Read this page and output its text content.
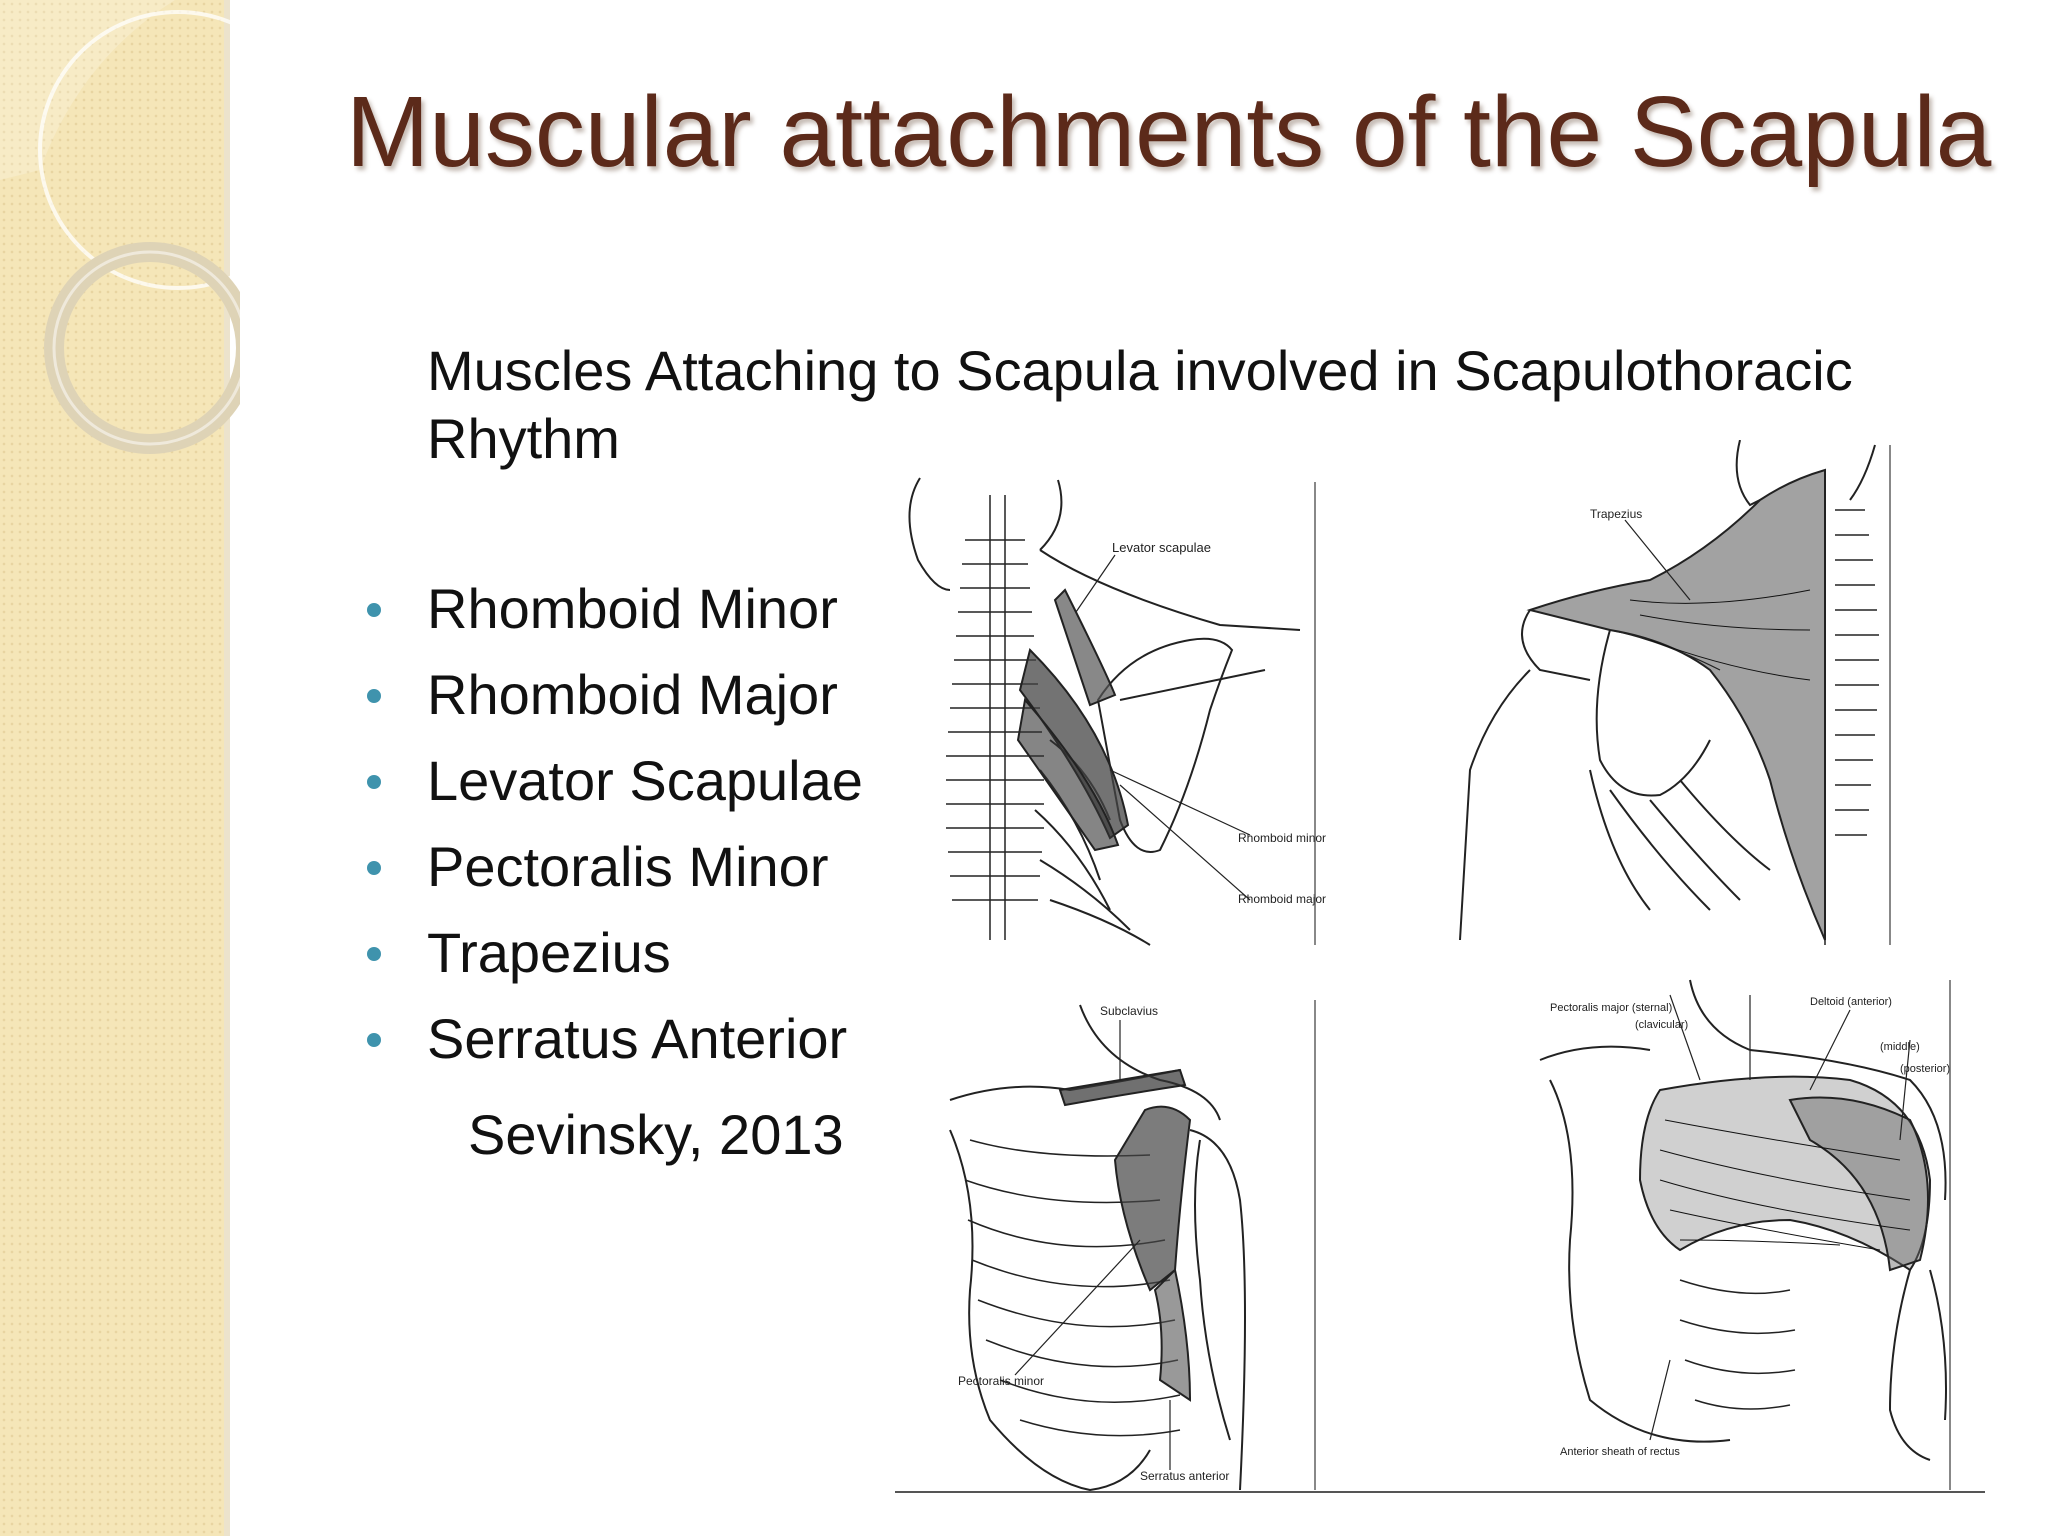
Muscular attachments of the Scapula

Muscles Attaching to Scapula involved in Scapulothoracic Rhythm

Rhomboid Minor
Rhomboid Major
Levator Scapulae
Pectoralis Minor
Trapezius
Serratus Anterior
Sevinsky, 2013
Levator scapulae
Rhomboid minor
Rhomboid major
Trapezius
Subclavius
Pectoralis minor
Serratus anterior
Pectoralis major (sternal)
(clavicular)
Deltoid (anterior)
(middle)
(posterior)
Anterior sheath of rectus
